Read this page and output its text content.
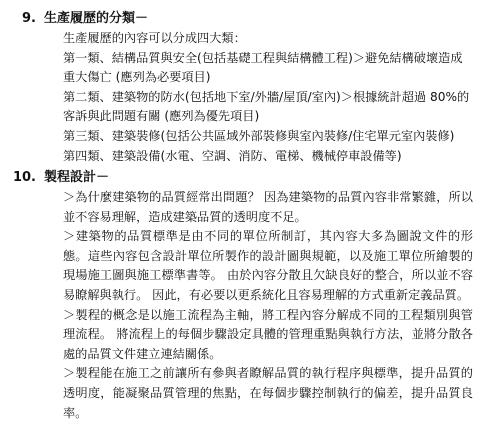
9. 生產履歷的分類－

生產履歷的內容可以分成四大類：

第一類、結構品質與安全(包括基礎工程與結構體工程)＞避免結構破壞造成重大傷亡 (應列為必要項目)

第二類、建築物的防水(包括地下室/外牆/屋頂/室內)＞根據統計超過 80%的客訴與此問題有關 (應列為優先項目)

第三類、建築裝修(包括公共區域外部裝修與室內裝修/住宅單元室內裝修)

第四類、建築設備(水電、空調、消防、電梯、機械停車設備等)

10. 製程設計－

＞為什麼建築物的品質經常出問題？ 因為建築物的品質內容非常繁雜，所以並不容易理解，造成建築品質的透明度不足。

＞建築物的品質標準是由不同的單位所制訂，其內容大多為圖說文件的形態。這些內容包含設計單位所製作的設計圖與規範，以及施工單位所繪製的現場施工圖與施工標準書等。 由於內容分散且欠缺良好的整合，所以並不容易瞭解與執行。 因此，有必要以更系統化且容易理解的方式重新定義品質。

＞製程的概念是以施工流程為主軸，將工程內容分解成不同的工程類別與管理流程。 將流程上的每個步驟設定具體的管理重點與執行方法，並將分散各處的品質文件建立連結關係。

＞製程能在施工之前讓所有參與者瞭解品質的執行程序與標準，提升品質的透明度，能凝聚品質管理的焦點，在每個步驟控制執行的偏差，提升品質良率。
